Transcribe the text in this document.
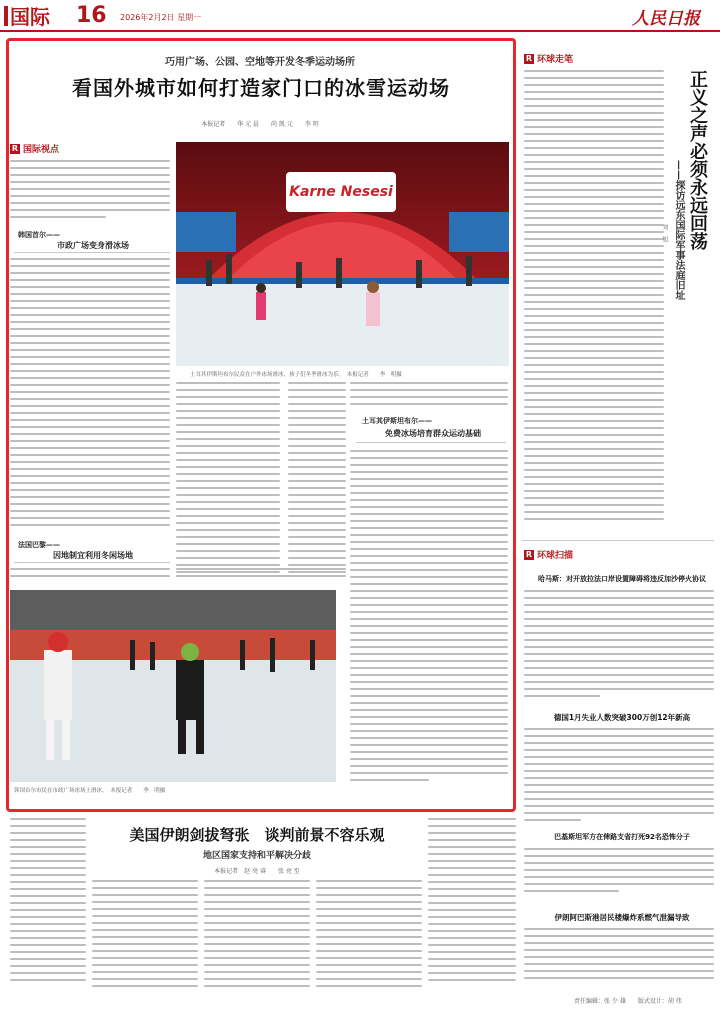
国际 16 2026年2月2日 星期一	人民日报
巧用广场、公园、空地等开发冬季运动场所
看国外城市如何打造家门口的冰雪运动场
本报记者　　华 元 晨　　尚 凯 元　　李 明
R 国际视点
韩国首尔——
市政广场变身滑冰场
Karne Nesesi
土耳其伊斯坦布尔民众在户外冰场滑冰，孩子们冬季滑冰为乐。　本报记者　　李　明摄
土耳其伊斯坦布尔——
免费冰场培育群众运动基础
法国巴黎——
因地制宜利用冬闲场地
韩国首尔市民在市政广场冰场上滑冰。　本报记者　　季　明摄
R 环球走笔
正义之声必须永远回荡
——探访远东国际军事法庭旧址
刘　旭
R 环球扫描
哈马斯：对开放拉法口岸设置障碍将违反加沙停火协议
德国1月失业人数突破300万创12年新高
巴基斯坦军方在俾路支省打死92名恐怖分子
伊朗阿巴斯港居民楼爆炸系燃气泄漏导致
美国伊朗剑拔弩张　谈判前景不容乐观
地区国家支持和平解决分歧
本报记者　赵 亮 睿　　张 亮 至
责任编辑：张 少 雄　　版式设计：胡 伟
